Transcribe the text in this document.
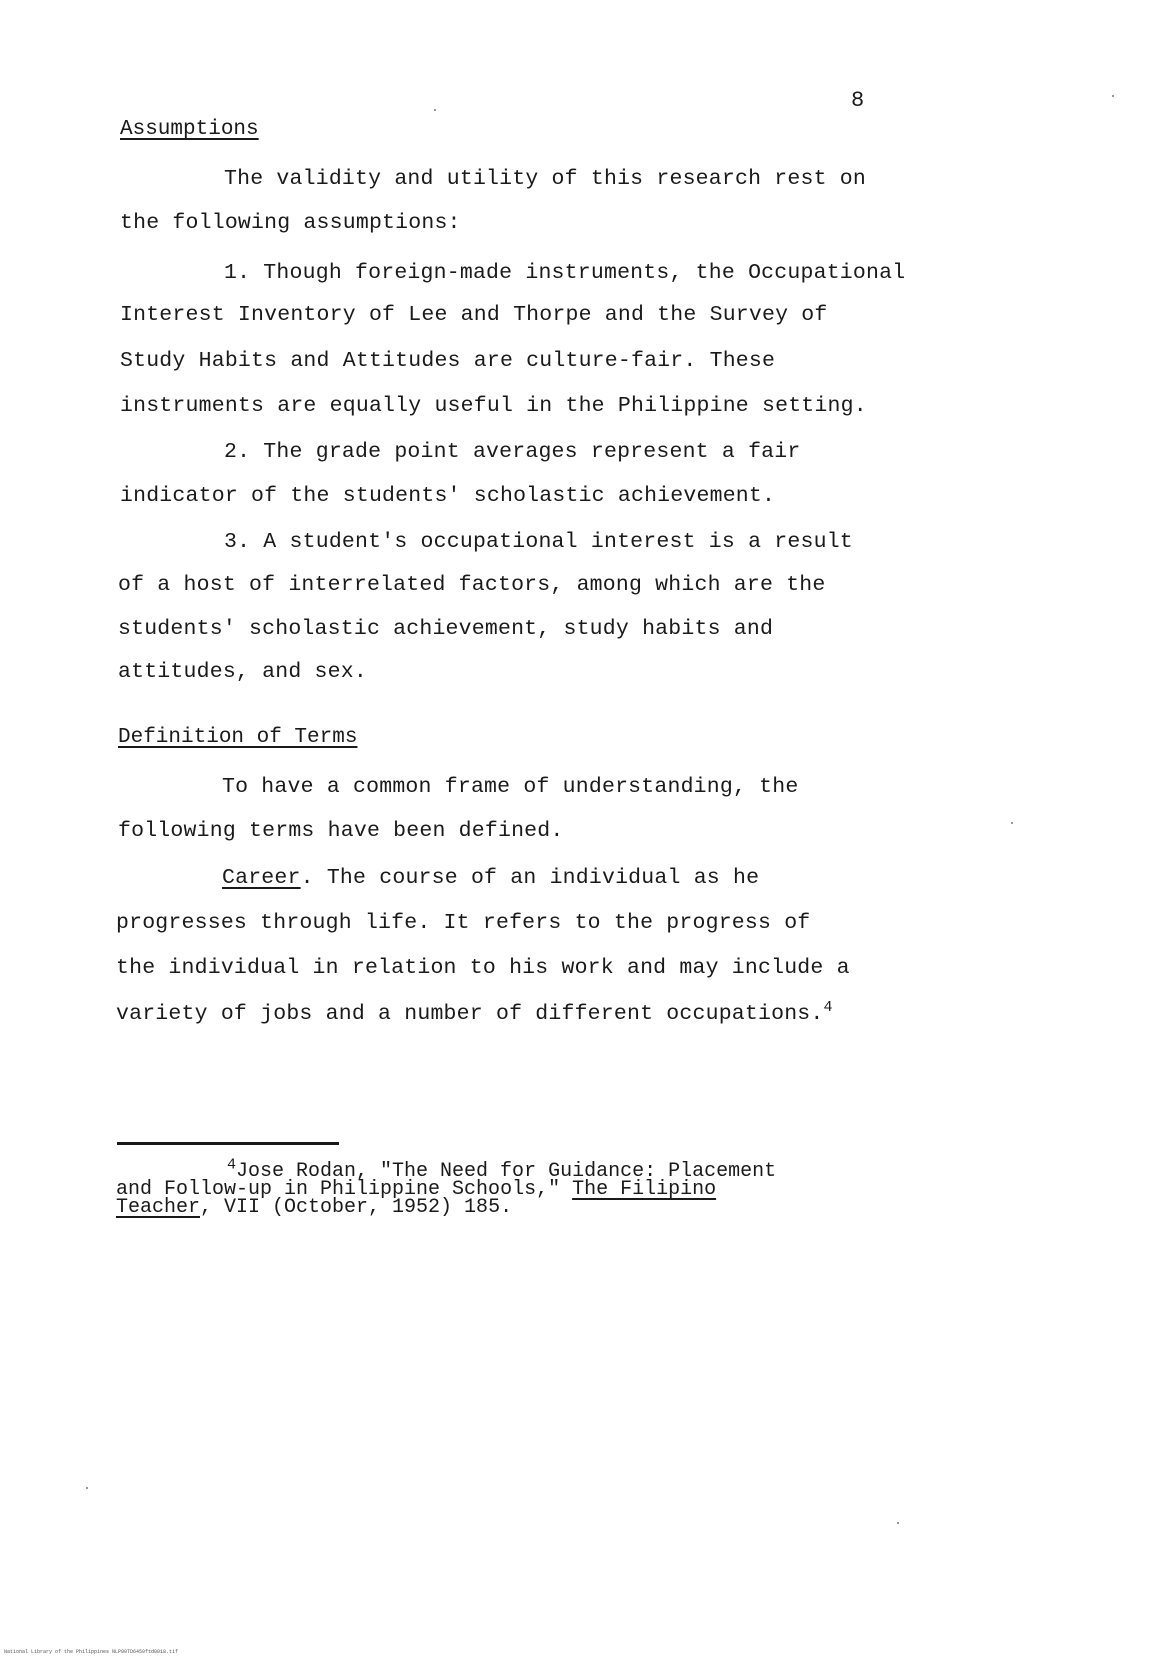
8
Assumptions
The validity and utility of this research rest on
the following assumptions:
1. Though foreign-made instruments, the Occupational
Interest Inventory of Lee and Thorpe and the Survey of
Study Habits and Attitudes are culture-fair. These
instruments are equally useful in the Philippine setting.
2. The grade point averages represent a fair
indicator of the students' scholastic achievement.
3. A student's occupational interest is a result
of a host of interrelated factors, among which are the
students' scholastic achievement, study habits and
attitudes, and sex.
Definition of Terms
To have a common frame of understanding, the
following terms have been defined.
Career. The course of an individual as he
progresses through life. It refers to the progress of
the individual in relation to his work and may include a
variety of jobs and a number of different occupations.$^4$
$^4$Jose Rodan, "The Need for Guidance: Placement
and Follow-up in Philippine Schools," The Filipino
Teacher, VII (October, 1952) 185.
National Library of the Philippines NLP00TD6459ftd0018.tif
